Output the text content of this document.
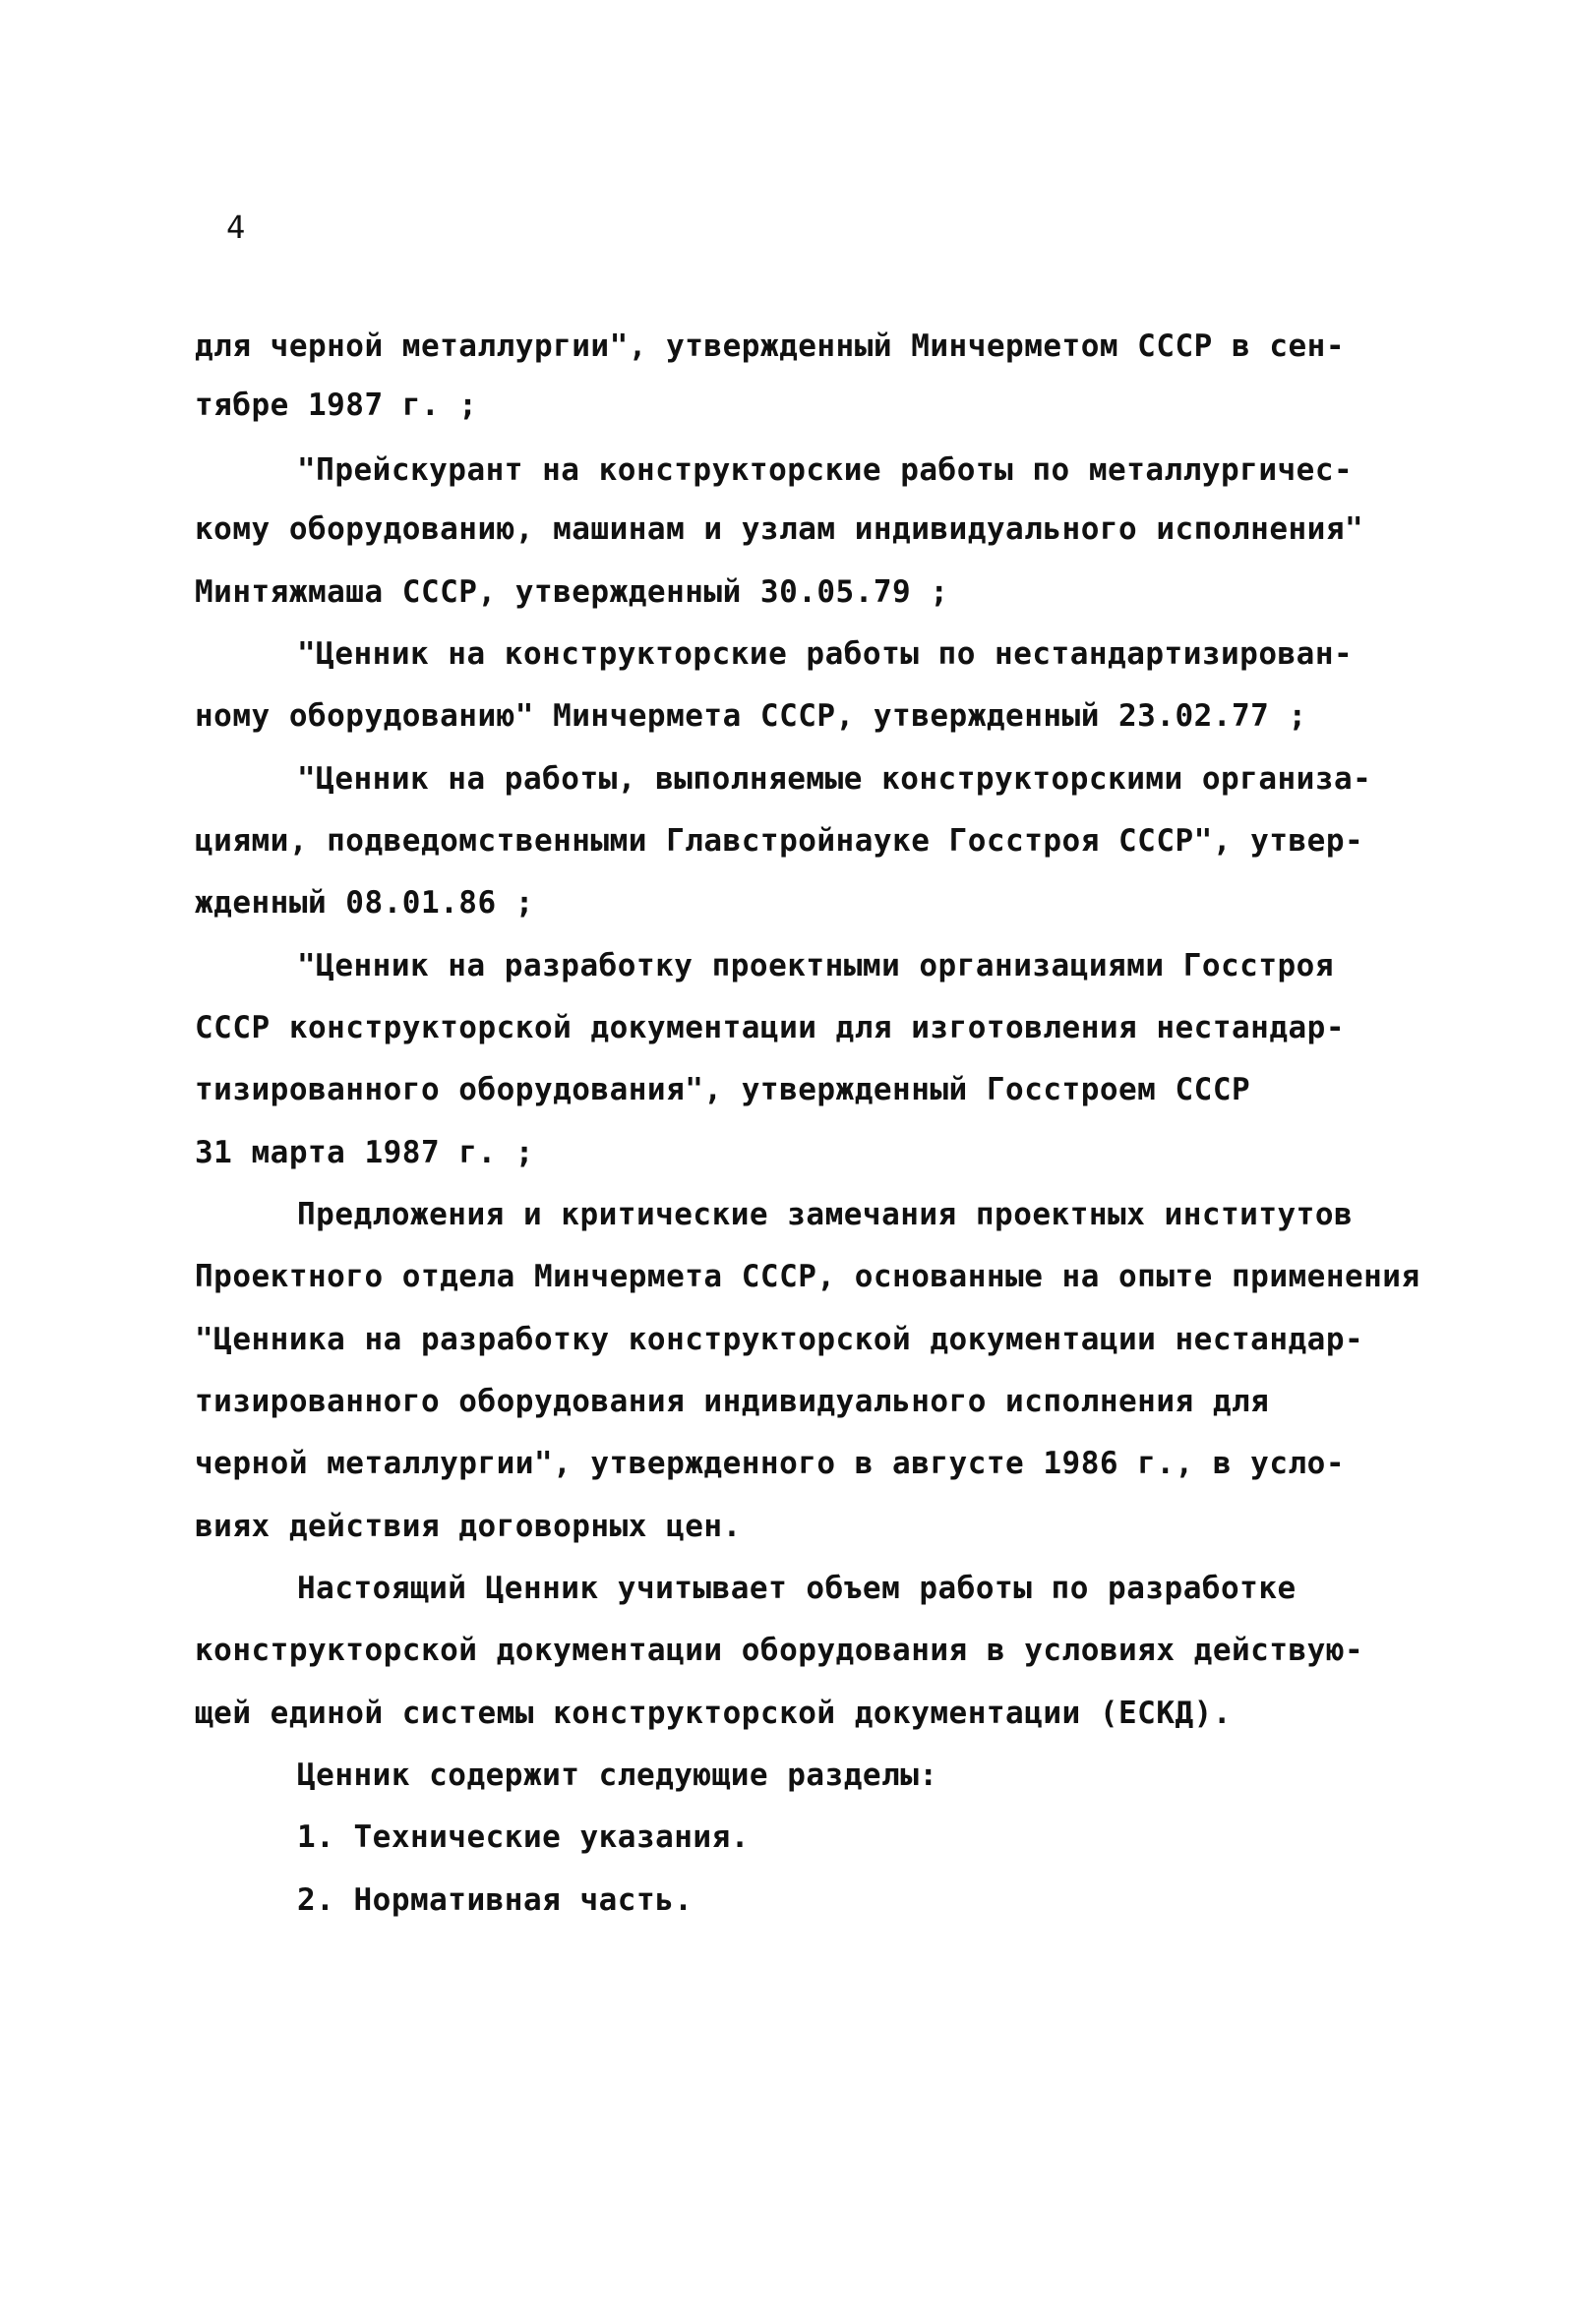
4
для черной металлургии", утвержденный Минчерметом СССР в сен-
тябре 1987 г. ;
"Прейскурант на конструкторские работы по металлургичес-
кому оборудованию, машинам и узлам индивидуального исполнения"
Минтяжмаша СССР, утвержденный 30.05.79 ;
"Ценник на конструкторские работы по нестандартизирован-
ному оборудованию" Минчермета СССР, утвержденный 23.02.77 ;
"Ценник на работы, выполняемые конструкторскими организа-
циями, подведомственными Главстройнауке Госстроя СССР", утвер-
жденный 08.01.86 ;
"Ценник на разработку проектными организациями Госстроя
СССР конструкторской документации для изготовления нестандар-
тизированного оборудования", утвержденный Госстроем СССР
31 марта 1987 г. ;
Предложения и критические замечания проектных институтов
Проектного отдела Минчермета СССР, основанные на опыте применения
"Ценника на разработку конструкторской документации нестандар-
тизированного оборудования индивидуального исполнения для
черной металлургии", утвержденного в августе 1986 г., в усло-
виях действия договорных цен.
Настоящий Ценник учитывает объем работы по разработке
конструкторской документации оборудования в условиях действую-
щей единой системы конструкторской документации (ЕСКД).
Ценник содержит следующие разделы:
1. Технические указания.
2. Нормативная часть.
